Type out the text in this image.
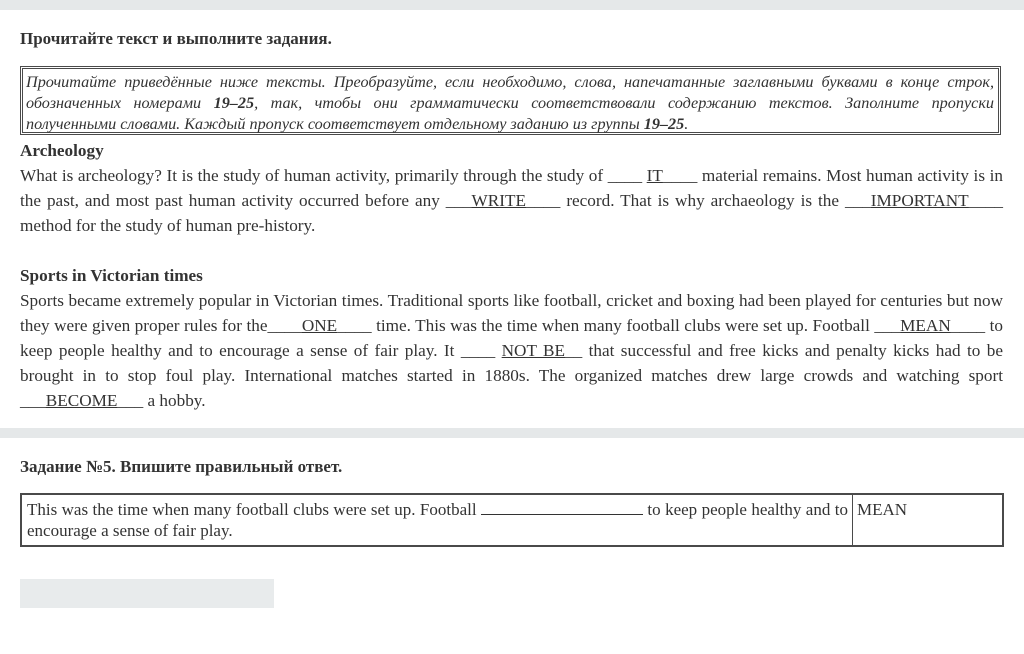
Прочитайте текст и выполните задания.
Прочитайте приведённые ниже тексты. Преобразуйте, если необходимо, слова, напечатанные заглавными буквами в конце строк, обозначенных номерами 19–25, так, чтобы они грамматически соответствовали содержанию текстов. Заполните пропуски полученными словами. Каждый пропуск соответствует отдельному заданию из группы 19–25.
Archeology
What is archeology? It is the study of human activity, primarily through the study of ____ IT____ material remains. Most human activity is in the past, and most past human activity occurred before any ___WRITE____ record. That is why archaeology is the ___IMPORTANT____ method for the study of human pre-history.
Sports in Victorian times
Sports became extremely popular in Victorian times. Traditional sports like football, cricket and boxing had been played for centuries but now they were given proper rules for the____ONE____ time. This was the time when many football clubs were set up. Football ___MEAN____ to keep people healthy and to encourage a sense of fair play. It ____ NOT BE__ that successful and free kicks and penalty kicks had to be brought in to stop foul play. International matches started in 1880s. The organized matches drew large crowds and watching sport ___BECOME___ a hobby.
Задание №5. Впишите правильный ответ.
This was the time when many football clubs were set up. Football	to keep people healthy and to encourage a sense of fair play.
MEAN
